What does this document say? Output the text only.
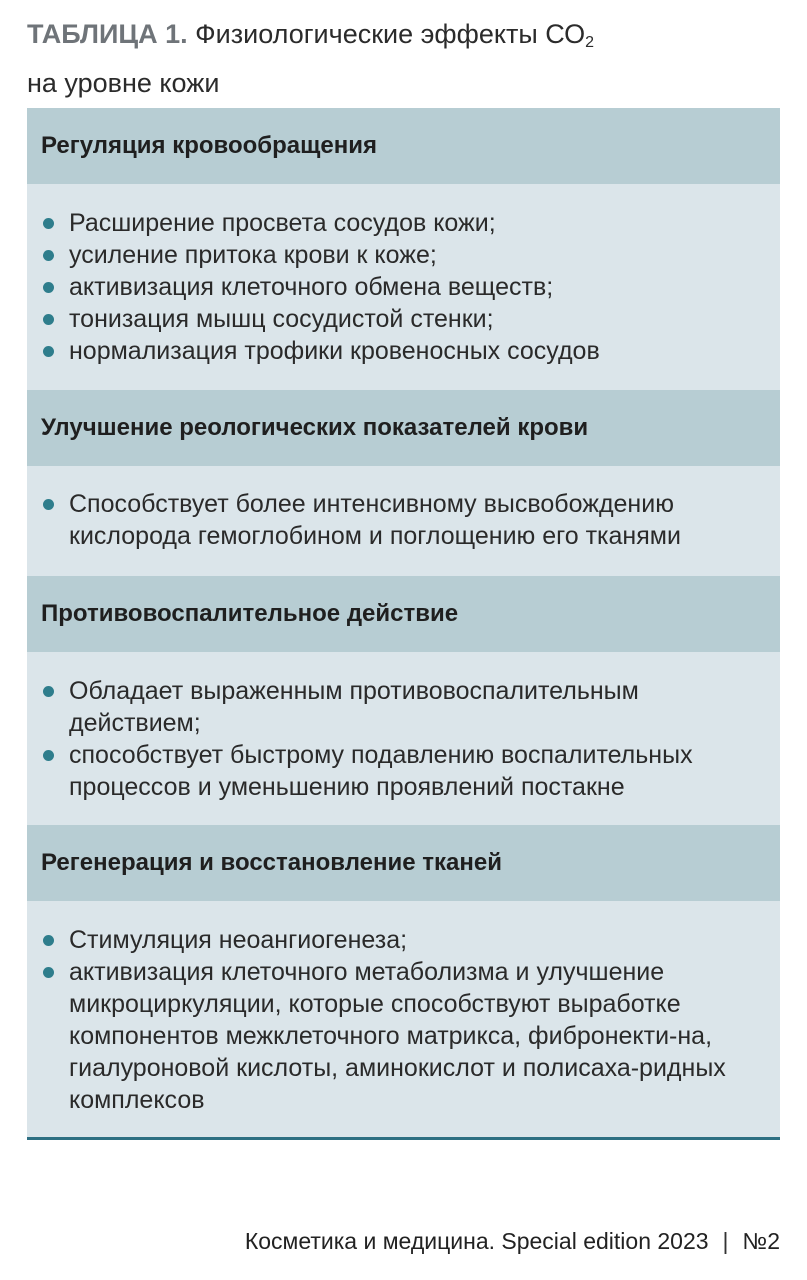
ТАБЛИЦА 1. Физиологические эффекты $СО_2$
на уровне кожи
Регуляция кровообращения
Расширение просвета сосудов кожи;
усиление притока крови к коже;
активизация клеточного обмена веществ;
тонизация мышц сосудистой стенки;
нормализация трофики кровеносных сосудов
Улучшение реологических показателей крови
Способствует более интенсивному высвобождению кислорода гемоглобином и поглощению его тканями
Противовоспалительное действие
Обладает выраженным противовоспалительным действием;
способствует быстрому подавлению воспалительных процессов и уменьшению проявлений постакне
Регенерация и восстановление тканей
Стимуляция неоангиогенеза;
активизация клеточного метаболизма и улучшение микроциркуляции, которые способствуют выработке компонентов межклеточного матрикса, фибронекти-на, гиалуроновой кислоты, аминокислот и полисаха-ридных комплексов
Косметика и медицина. Special edition 2023 | №2
